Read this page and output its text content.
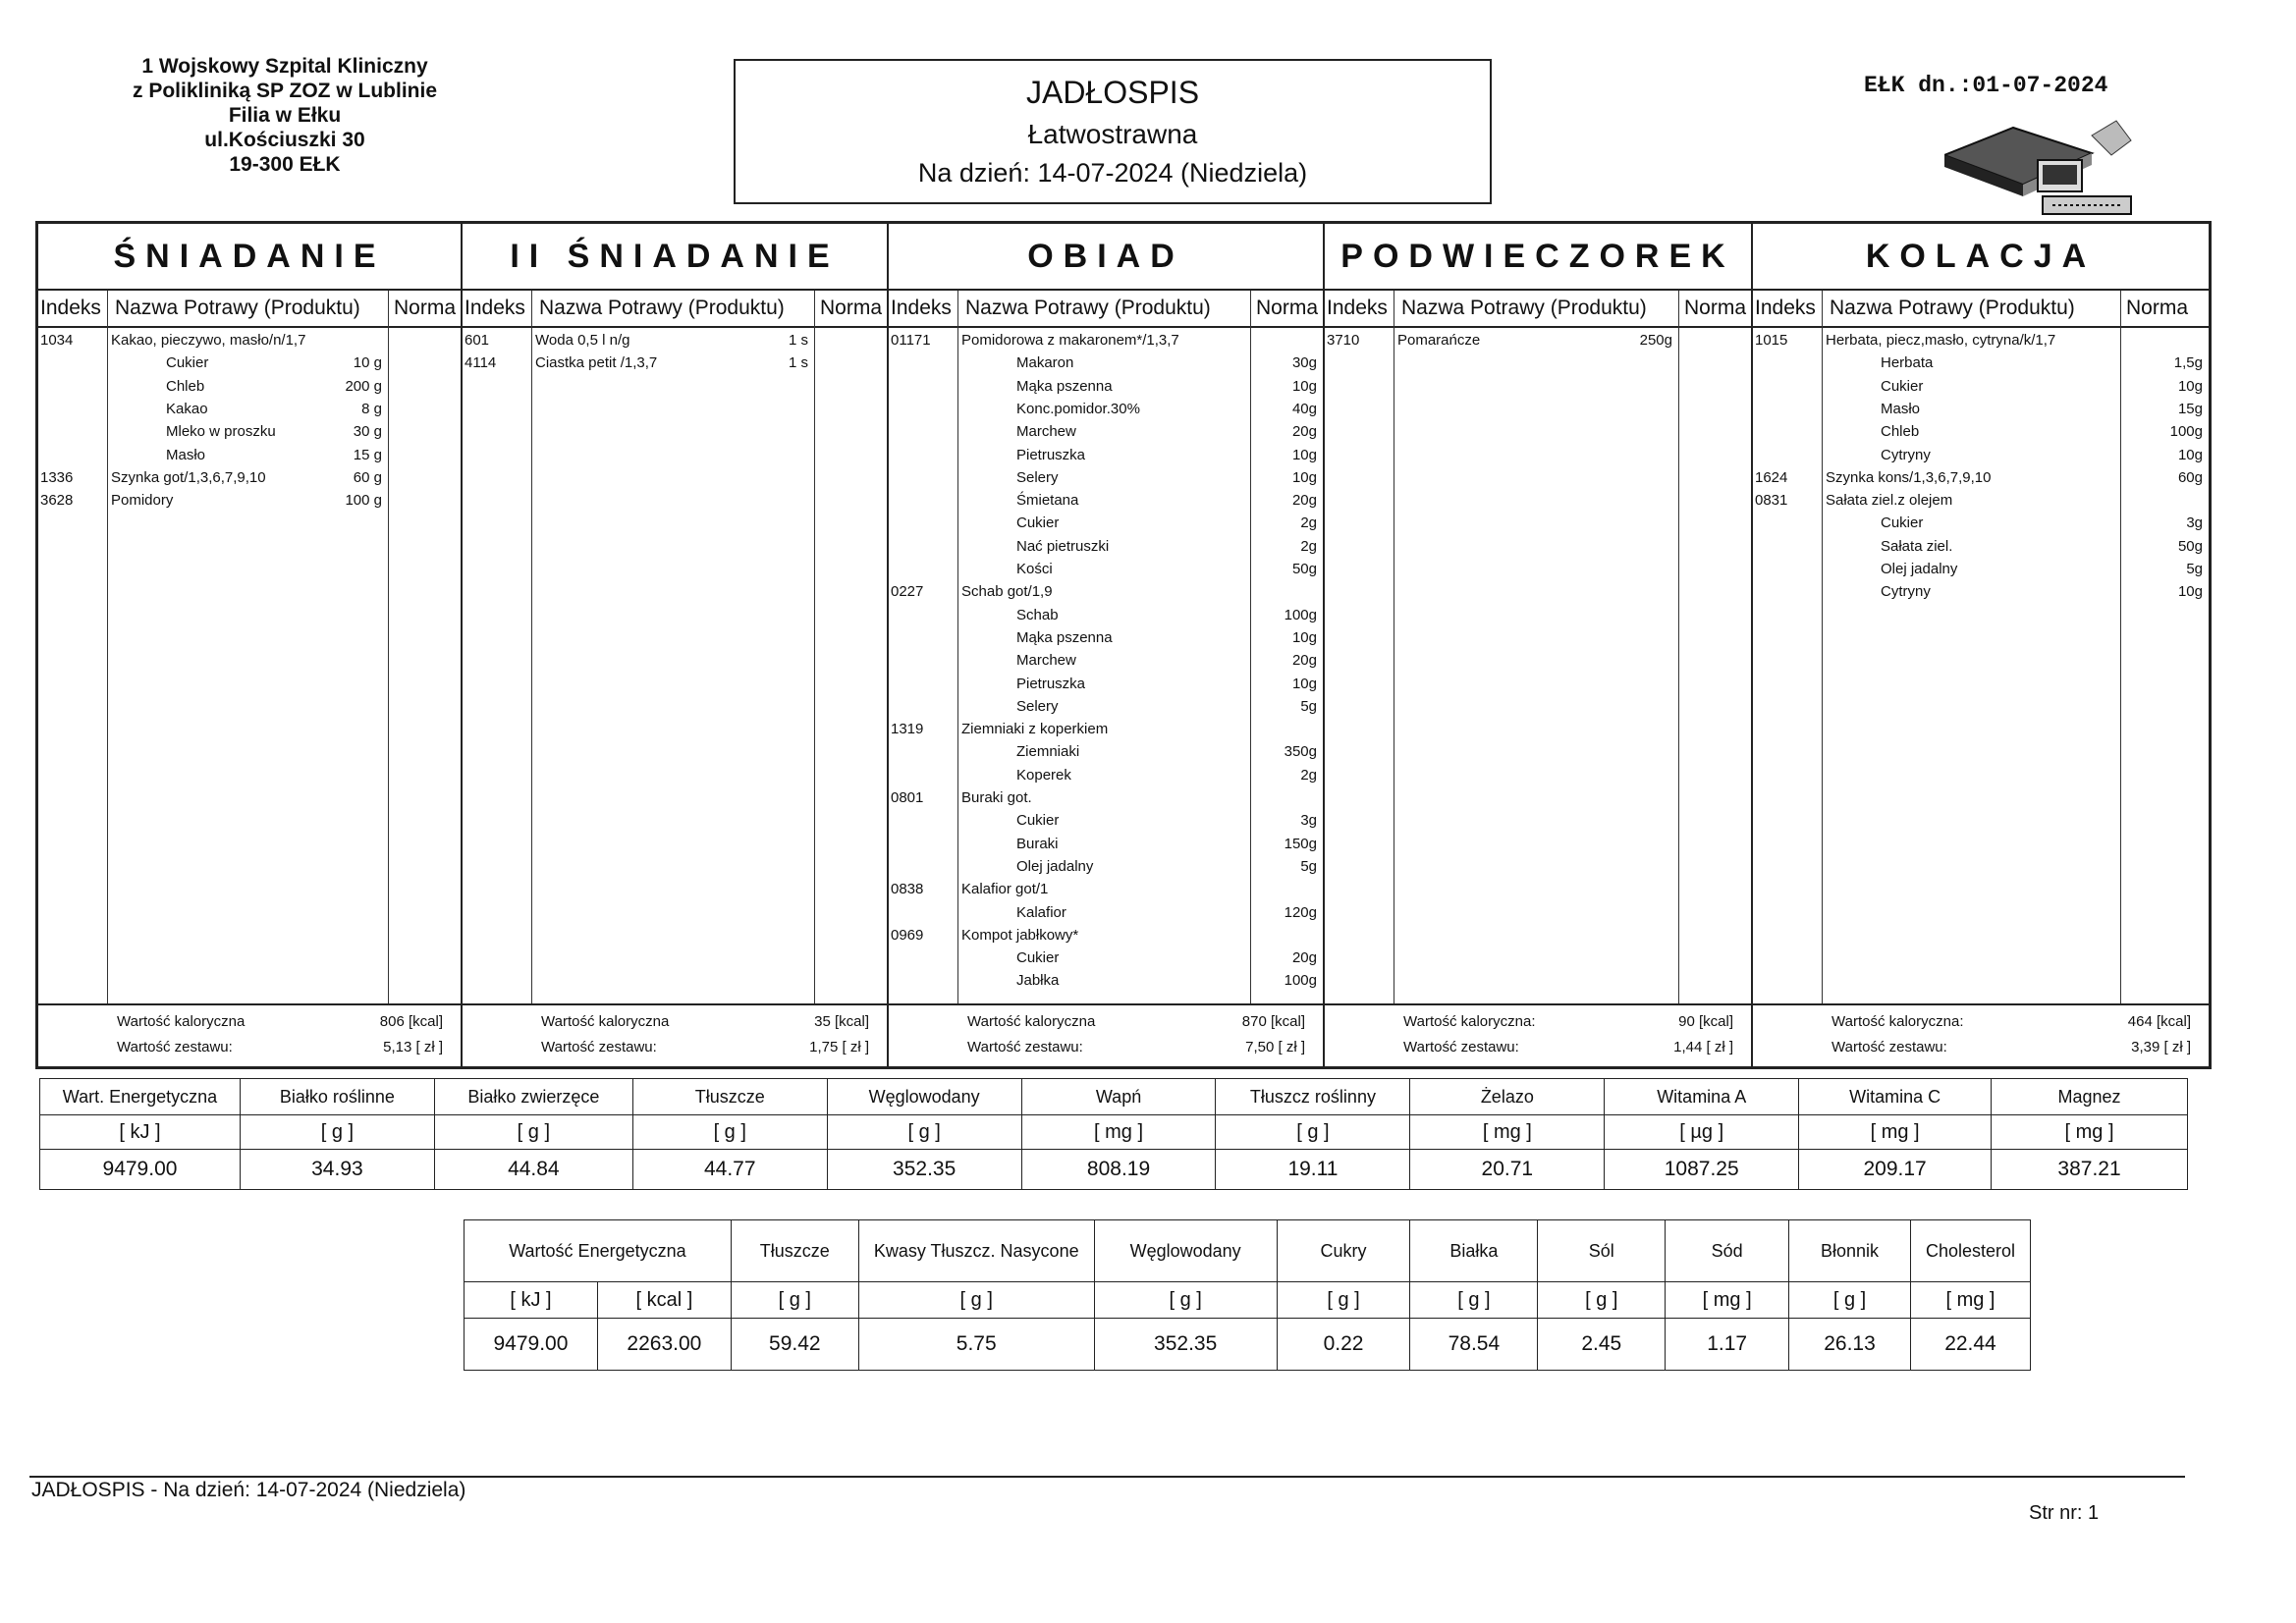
1 Wojskowy Szpital Kliniczny
z Polikliniką SP ZOZ w Lublinie
Filia w Ełku
ul.Kościuszki 30
19-300 EŁK
JADŁOSPIS
Łatwostrawna
Na dzień: 14-07-2024 (Niedziela)
EŁK dn.:01-07-2024
ŚNIADANIE
Indeks Nazwa Potrawy (Produktu) Norma
1034	Kakao, pieczywo, masło/n/1,7
Cukier	10 g
Chleb	200 g
Kakao	8 g
Mleko w proszku	30 g
Masło	15 g
1336	Szynka got/1,3,6,7,9,10	60 g
3628	Pomidory	100 g
Wartość kaloryczna	806 [kcal]
Wartość zestawu:	5,13 [ zł ]
II ŚNIADANIE
Indeks Nazwa Potrawy (Produktu) Norma
601	Woda 0,5 l n/g	1 s
4114	Ciastka petit /1,3,7	1 s
Wartość kaloryczna	35 [kcal]
Wartość zestawu:	1,75 [ zł ]
OBIAD
Indeks Nazwa Potrawy (Produktu) Norma
01171 Pomidorowa z makaronem*/1,3,7
Makaron	30g
Mąka pszenna	10g
Konc.pomidor.30%	40g
Marchew	20g
Pietruszka	10g
Selery	10g
Śmietana	20g
Cukier	2g
Nać pietruszki	2g
Kości	50g
0227	Schab got/1,9
Schab	100g
Mąka pszenna	10g
Marchew	20g
Pietruszka	10g
Selery	5g
1319	Ziemniaki z koperkiem
Ziemniaki	350g
Koperek	2g
0801	Buraki got.
Cukier	3g
Buraki	150g
Olej jadalny	5g
0838	Kalafior got/1
Kalafior	120g
0969	Kompot jabłkowy*
Cukier	20g
Jabłka	100g
Wartość kaloryczna	870 [kcal]
Wartość zestawu:	7,50 [ zł ]
PODWIECZOREK
Indeks Nazwa Potrawy (Produktu) Norma
3710	Pomarańcze	250g
Wartość kaloryczna:	90 [kcal]
Wartość zestawu:	1,44 [ zł ]
KOLACJA
Indeks Nazwa Potrawy (Produktu) Norma
1015	Herbata, piecz,masło, cytryna/k/1,7
Herbata	1,5g
Cukier	10g
Masło	15g
Chleb	100g
Cytryny	10g
1624	Szynka kons/1,3,6,7,9,10	60g
0831	Sałata ziel.z olejem
Cukier	3g
Sałata ziel.	50g
Olej jadalny	5g
Cytryny	10g
Wartość kaloryczna:	464 [kcal]
Wartość zestawu:	3,39 [ zł ]
Wart. Energetyczna	Białko roślinne	Białko zwierzęce	Tłuszcze	Węglowodany	Wapń	Tłuszcz roślinny	Żelazo	Witamina A	Witamina C	Magnez
[ kJ ]	[ g ]	[ g ]	[ g ]	[ g ]	[ mg ]	[ g ]	[ mg ]	[ µg ]	[ mg ]	[ mg ]
9479.00	34.93	44.84	44.77	352.35	808.19	19.11	20.71	1087.25	209.17	387.21
Wartość Energetyczna		Tłuszcze	Kwasy Tłuszcz. Nasycone	Węglowodany	Cukry	Białka	Sól	Sód	Błonnik	Cholesterol
[ kJ ]	[ kcal ]	[ g ]	[ g ]	[ g ]	[ g ]	[ g ]	[ g ]	[ mg ]	[ g ]	[ mg ]
9479.00	2263.00	59.42	5.75	352.35	0.22	78.54	2.45	1.17	26.13	22.44
JADŁOSPIS - Na dzień: 14-07-2024 (Niedziela)
Str nr: 1
